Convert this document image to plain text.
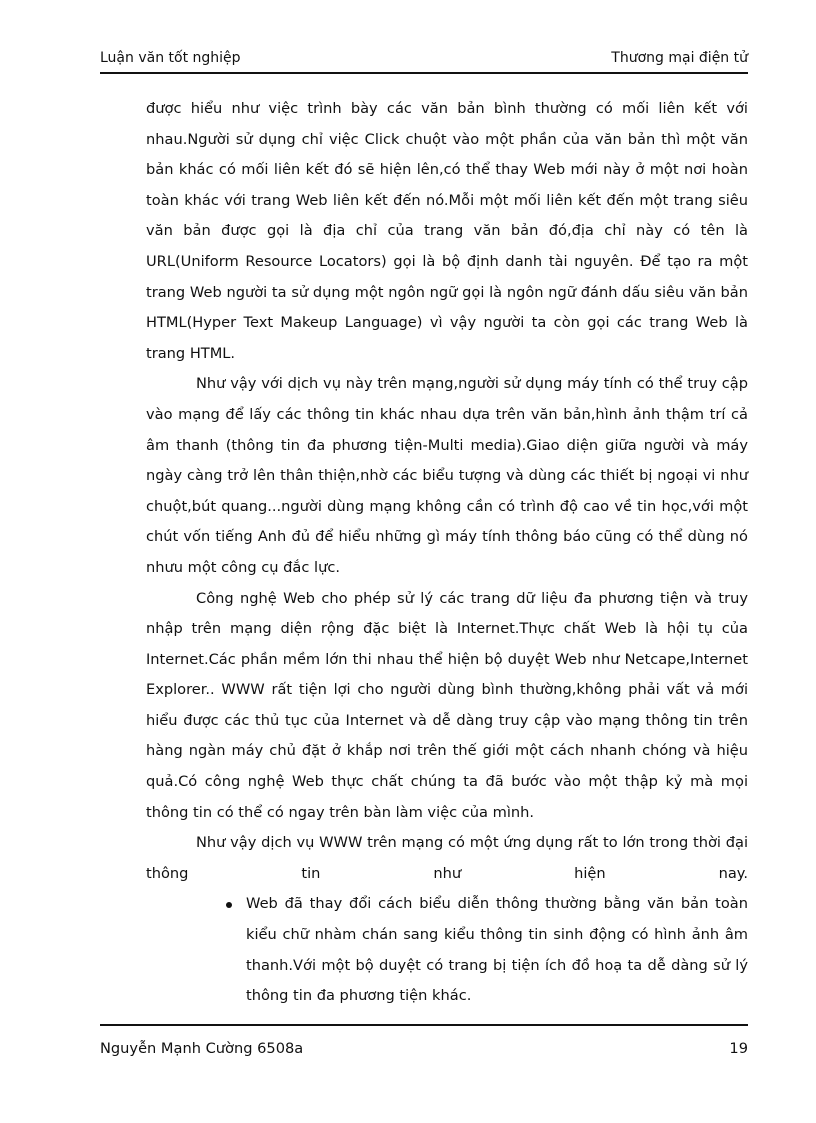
Luận văn tốt nghiệp	Thương mại điện tử

được hiểu như việc trình bày các văn bản bình thường có mối liên kết với nhau.Người sử dụng chỉ việc Click chuột vào một phần của văn bản thì một văn bản khác có mối liên kết đó sẽ hiện lên,có thể thay Web mới này ở một nơi hoàn toàn khác với trang Web liên kết đến nó.Mỗi một mối liên kết đến một trang siêu văn bản được gọi là địa chỉ của trang văn bản đó,địa chỉ này có tên là URL(Uniform Resource Locators) gọi là bộ định danh tài nguyên. Để tạo ra một trang Web người ta sử dụng một ngôn ngữ gọi là ngôn ngữ đánh dấu siêu văn bản HTML(Hyper Text Makeup Language) vì vậy người ta còn gọi các trang Web là trang HTML.

Như vậy với dịch vụ này trên mạng,người sử dụng máy tính có thể truy cập vào mạng để lấy các thông tin khác nhau dựa trên văn bản,hình ảnh thậm trí cả âm thanh (thông tin đa phương tiện-Multi media).Giao diện giữa người và máy ngày càng trở lên thân thiện,nhờ các biểu tượng và dùng các thiết bị ngoại vi như chuột,bút quang...người dùng mạng không cần có trình độ cao về tin học,với một chút vốn tiếng Anh đủ để hiểu những gì máy tính thông báo cũng có thể dùng nó nhưu một công cụ đắc lực.

Công nghệ Web cho phép sử lý các trang dữ liệu đa phương tiện và truy nhập trên mạng diện rộng đặc biệt là Internet.Thực chất Web là hội tụ của Internet.Các phần mềm lớn thi nhau thể hiện bộ duyệt Web như Netcape,Internet Explorer.. WWW rất tiện lợi cho người dùng bình thường,không phải vất vả mới hiểu được các thủ tục của Internet và dễ dàng truy cập vào mạng thông tin trên hàng ngàn máy chủ đặt ở khắp nơi trên thế giới một cách nhanh chóng và hiệu quả.Có công nghệ Web thực chất chúng ta đã bước vào một thập kỷ mà mọi thông tin có thể có ngay trên bàn làm việc của mình.

Như vậy dịch vụ WWW trên mạng có một ứng dụng rất to lớn trong thời đại thông tin như hiện nay.

Web đã thay đổi cách biểu diễn thông thường bằng văn bản toàn kiểu chữ nhàm chán sang kiểu thông tin sinh động có hình ảnh âm thanh.Với một bộ duyệt có trang bị tiện ích đồ hoạ ta dễ dàng sử lý thông tin đa phương tiện khác.
Nguyễn Mạnh Cường 6508a	19
